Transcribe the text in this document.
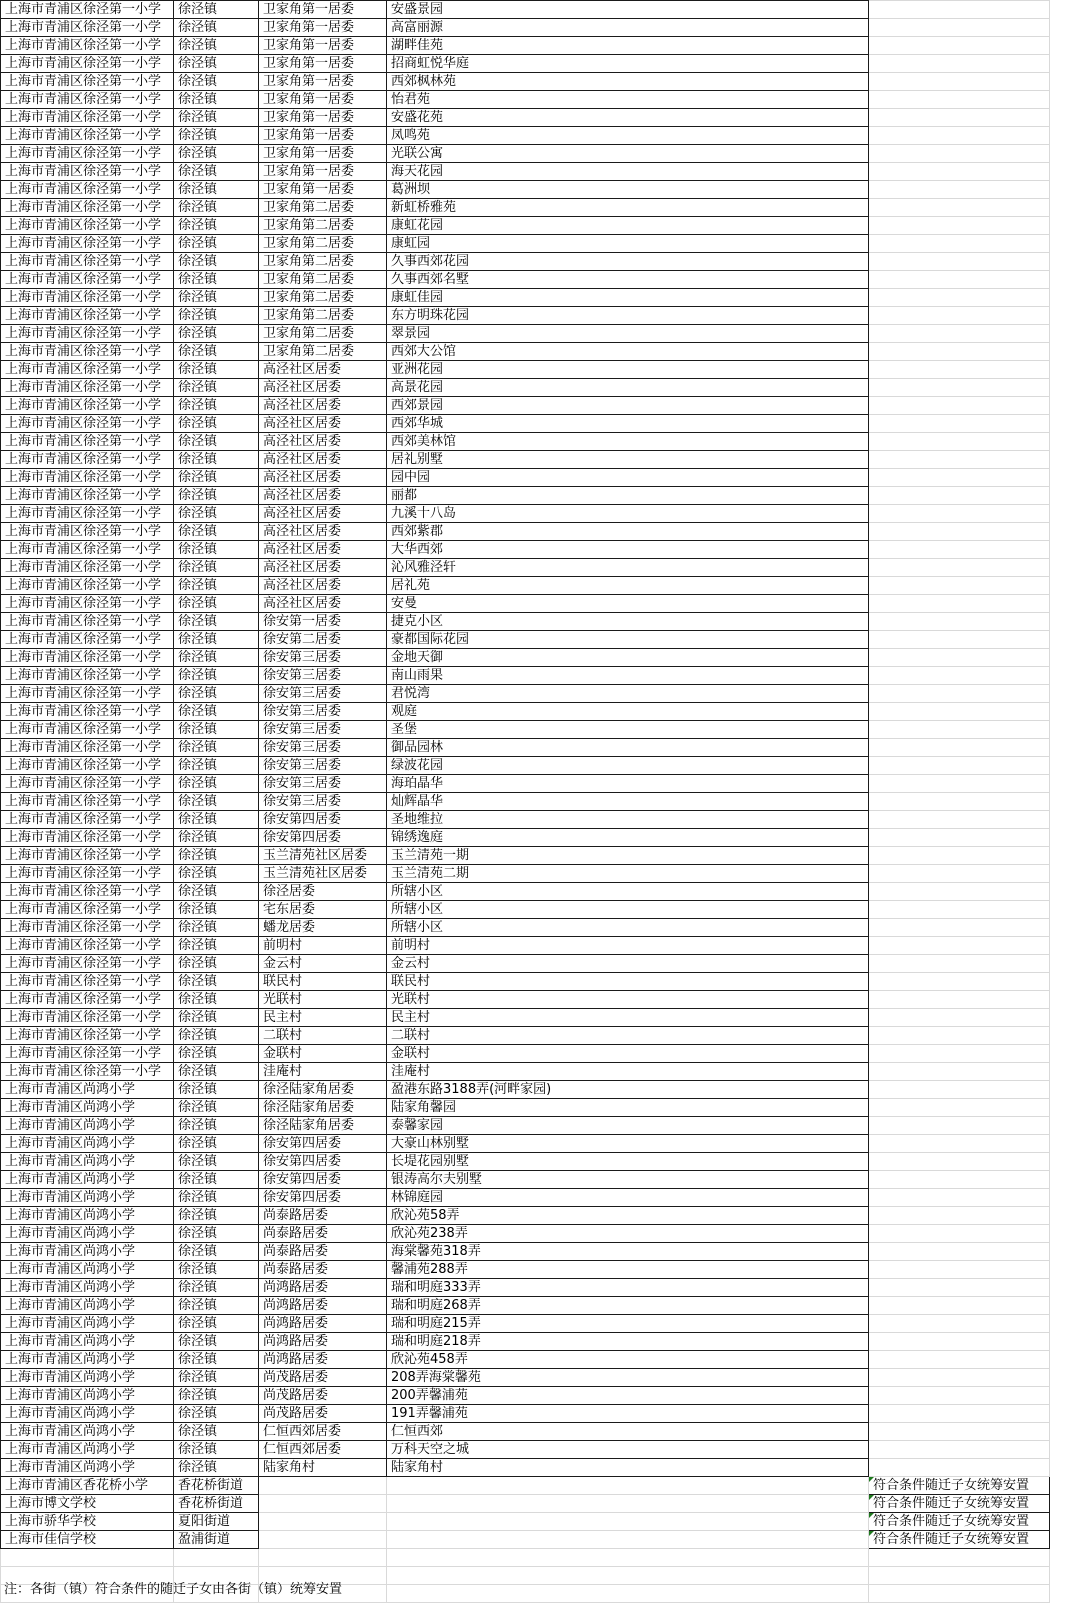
上海市青浦区徐泾第一小学	徐泾镇	卫家角第一居委	安盛景园	
上海市青浦区徐泾第一小学	徐泾镇	卫家角第一居委	高富丽源	
上海市青浦区徐泾第一小学	徐泾镇	卫家角第一居委	湖畔佳苑	
上海市青浦区徐泾第一小学	徐泾镇	卫家角第一居委	招商虹悦华庭	
上海市青浦区徐泾第一小学	徐泾镇	卫家角第一居委	西郊枫林苑	
上海市青浦区徐泾第一小学	徐泾镇	卫家角第一居委	怡君苑	
上海市青浦区徐泾第一小学	徐泾镇	卫家角第一居委	安盛花苑	
上海市青浦区徐泾第一小学	徐泾镇	卫家角第一居委	凤鸣苑	
上海市青浦区徐泾第一小学	徐泾镇	卫家角第一居委	光联公寓	
上海市青浦区徐泾第一小学	徐泾镇	卫家角第一居委	海天花园	
上海市青浦区徐泾第一小学	徐泾镇	卫家角第一居委	葛洲坝	
上海市青浦区徐泾第一小学	徐泾镇	卫家角第二居委	新虹桥雅苑	
上海市青浦区徐泾第一小学	徐泾镇	卫家角第二居委	康虹花园	
上海市青浦区徐泾第一小学	徐泾镇	卫家角第二居委	康虹园	
上海市青浦区徐泾第一小学	徐泾镇	卫家角第二居委	久事西郊花园	
上海市青浦区徐泾第一小学	徐泾镇	卫家角第二居委	久事西郊名墅	
上海市青浦区徐泾第一小学	徐泾镇	卫家角第二居委	康虹佳园	
上海市青浦区徐泾第一小学	徐泾镇	卫家角第二居委	东方明珠花园	
上海市青浦区徐泾第一小学	徐泾镇	卫家角第二居委	翠景园	
上海市青浦区徐泾第一小学	徐泾镇	卫家角第二居委	西郊大公馆	
上海市青浦区徐泾第一小学	徐泾镇	高泾社区居委	亚洲花园	
上海市青浦区徐泾第一小学	徐泾镇	高泾社区居委	高景花园	
上海市青浦区徐泾第一小学	徐泾镇	高泾社区居委	西郊景园	
上海市青浦区徐泾第一小学	徐泾镇	高泾社区居委	西郊华城	
上海市青浦区徐泾第一小学	徐泾镇	高泾社区居委	西郊美林馆	
上海市青浦区徐泾第一小学	徐泾镇	高泾社区居委	居礼别墅	
上海市青浦区徐泾第一小学	徐泾镇	高泾社区居委	园中园	
上海市青浦区徐泾第一小学	徐泾镇	高泾社区居委	丽都	
上海市青浦区徐泾第一小学	徐泾镇	高泾社区居委	九溪十八岛	
上海市青浦区徐泾第一小学	徐泾镇	高泾社区居委	西郊紫郡	
上海市青浦区徐泾第一小学	徐泾镇	高泾社区居委	大华西郊	
上海市青浦区徐泾第一小学	徐泾镇	高泾社区居委	沁风雅泾轩	
上海市青浦区徐泾第一小学	徐泾镇	高泾社区居委	居礼苑	
上海市青浦区徐泾第一小学	徐泾镇	高泾社区居委	安曼	
上海市青浦区徐泾第一小学	徐泾镇	徐安第一居委	捷克小区	
上海市青浦区徐泾第一小学	徐泾镇	徐安第二居委	豪都国际花园	
上海市青浦区徐泾第一小学	徐泾镇	徐安第三居委	金地天御	
上海市青浦区徐泾第一小学	徐泾镇	徐安第三居委	南山雨果	
上海市青浦区徐泾第一小学	徐泾镇	徐安第三居委	君悦湾	
上海市青浦区徐泾第一小学	徐泾镇	徐安第三居委	观庭	
上海市青浦区徐泾第一小学	徐泾镇	徐安第三居委	圣堡	
上海市青浦区徐泾第一小学	徐泾镇	徐安第三居委	御品园林	
上海市青浦区徐泾第一小学	徐泾镇	徐安第三居委	绿波花园	
上海市青浦区徐泾第一小学	徐泾镇	徐安第三居委	海珀晶华	
上海市青浦区徐泾第一小学	徐泾镇	徐安第三居委	灿辉晶华	
上海市青浦区徐泾第一小学	徐泾镇	徐安第四居委	圣地维拉	
上海市青浦区徐泾第一小学	徐泾镇	徐安第四居委	锦绣逸庭	
上海市青浦区徐泾第一小学	徐泾镇	玉兰清苑社区居委	玉兰清苑一期	
上海市青浦区徐泾第一小学	徐泾镇	玉兰清苑社区居委	玉兰清苑二期	
上海市青浦区徐泾第一小学	徐泾镇	徐泾居委	所辖小区	
上海市青浦区徐泾第一小学	徐泾镇	宅东居委	所辖小区	
上海市青浦区徐泾第一小学	徐泾镇	蟠龙居委	所辖小区	
上海市青浦区徐泾第一小学	徐泾镇	前明村	前明村	
上海市青浦区徐泾第一小学	徐泾镇	金云村	金云村	
上海市青浦区徐泾第一小学	徐泾镇	联民村	联民村	
上海市青浦区徐泾第一小学	徐泾镇	光联村	光联村	
上海市青浦区徐泾第一小学	徐泾镇	民主村	民主村	
上海市青浦区徐泾第一小学	徐泾镇	二联村	二联村	
上海市青浦区徐泾第一小学	徐泾镇	金联村	金联村	
上海市青浦区徐泾第一小学	徐泾镇	洼庵村	洼庵村	
上海市青浦区尚鸿小学	徐泾镇	徐泾陆家角居委	盈港东路3188弄(河畔家园)	
上海市青浦区尚鸿小学	徐泾镇	徐泾陆家角居委	陆家角馨园	
上海市青浦区尚鸿小学	徐泾镇	徐泾陆家角居委	泰馨家园	
上海市青浦区尚鸿小学	徐泾镇	徐安第四居委	大豪山林别墅	
上海市青浦区尚鸿小学	徐泾镇	徐安第四居委	长堤花园别墅	
上海市青浦区尚鸿小学	徐泾镇	徐安第四居委	银涛高尔夫别墅	
上海市青浦区尚鸿小学	徐泾镇	徐安第四居委	林锦庭园	
上海市青浦区尚鸿小学	徐泾镇	尚泰路居委	欣沁苑58弄	
上海市青浦区尚鸿小学	徐泾镇	尚泰路居委	欣沁苑238弄	
上海市青浦区尚鸿小学	徐泾镇	尚泰路居委	海棠馨苑318弄	
上海市青浦区尚鸿小学	徐泾镇	尚泰路居委	馨浦苑288弄	
上海市青浦区尚鸿小学	徐泾镇	尚鸿路居委	瑞和明庭333弄	
上海市青浦区尚鸿小学	徐泾镇	尚鸿路居委	瑞和明庭268弄	
上海市青浦区尚鸿小学	徐泾镇	尚鸿路居委	瑞和明庭215弄	
上海市青浦区尚鸿小学	徐泾镇	尚鸿路居委	瑞和明庭218弄	
上海市青浦区尚鸿小学	徐泾镇	尚鸿路居委	欣沁苑458弄	
上海市青浦区尚鸿小学	徐泾镇	尚茂路居委	208弄海棠馨苑	
上海市青浦区尚鸿小学	徐泾镇	尚茂路居委	200弄馨浦苑	
上海市青浦区尚鸿小学	徐泾镇	尚茂路居委	191弄馨浦苑	
上海市青浦区尚鸿小学	徐泾镇	仁恒西郊居委	仁恒西郊	
上海市青浦区尚鸿小学	徐泾镇	仁恒西郊居委	万科天空之城	
上海市青浦区尚鸿小学	徐泾镇	陆家角村	陆家角村	
上海市青浦区香花桥小学	香花桥街道			符合条件随迁子女统筹安置
上海市博文学校	香花桥街道			符合条件随迁子女统筹安置
上海市骄华学校	夏阳街道			符合条件随迁子女统筹安置
上海市佳信学校	盈浦街道			符合条件随迁子女统筹安置

注：各街（镇）符合条件的随迁子女由各街（镇）统筹安置
